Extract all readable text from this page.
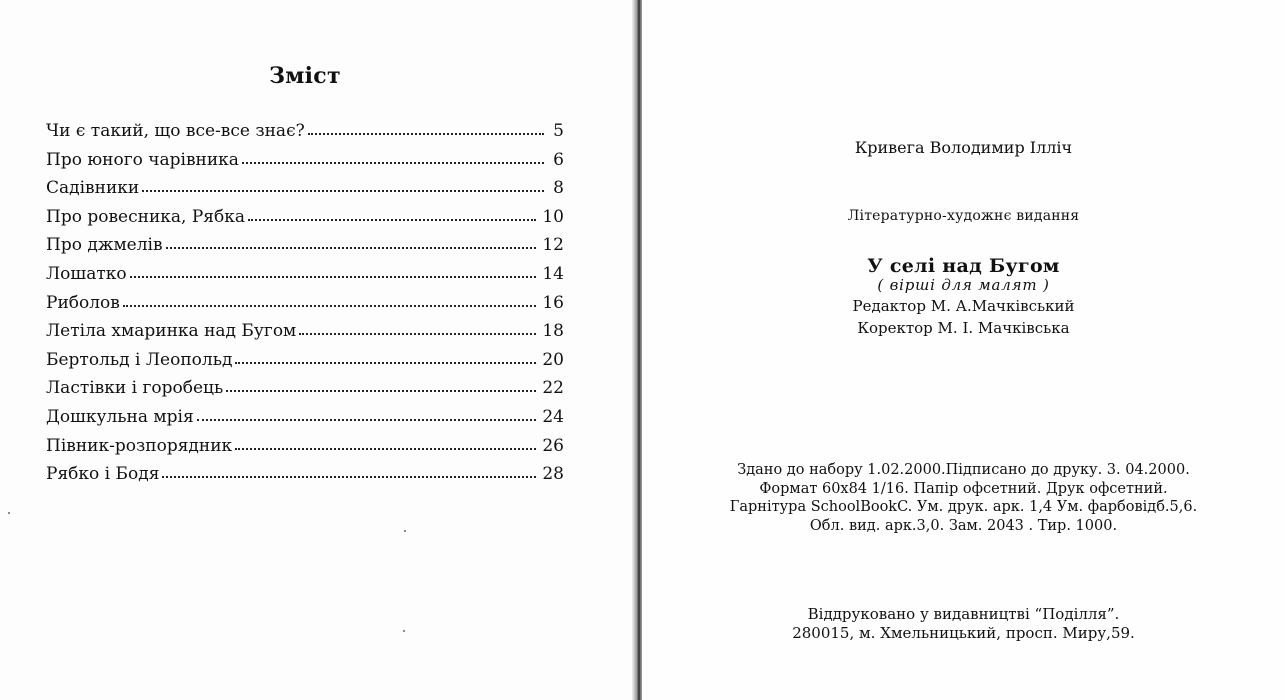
Зміст
Чи є такий, що все-все знає?	5
Про юного чарівника	6
Садівники	8
Про ровесника, Рябка	10
Про джмелів	12
Лошатко	14
Риболов	16
Летіла хмаринка над Бугом	18
Бертольд і Леопольд	20
Ластівки і горобець	22
Дошкульна мрія	24
Півник-розпорядник	26
Рябко і Бодя	28
Кривега Володимир Ілліч
Літературно-художнє видання
У селі над Бугом
( вірші для малят )
Редактор М. А.Мачківський
Коректор М. І. Мачківська
Здано до набору 1.02.2000.Підписано до друку. 3. 04.2000.
Формат 60x84 1/16. Папір офсетний. Друк офсетний.
Гарнітура SchoolBookC. Ум. друк. арк. 1,4 Ум. фарбовідб.5,6.
Обл. вид. арк.3,0. Зам. 2043 . Тир. 1000.
Віддруковано у видавництві “Поділля”.
280015, м. Хмельницький, просп. Миру,59.
